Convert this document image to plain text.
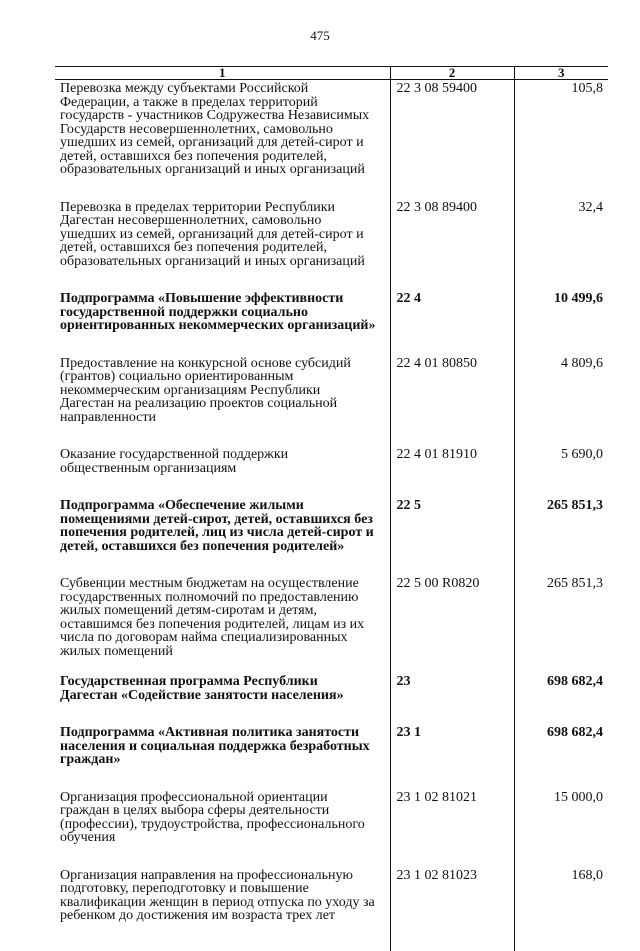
475
1	2	3
Перевозка между субъектами Российской Федерации, а также в пределах территорий государств - участников Содружества Независимых Государств несовершеннолетних, самовольно ушедших из семей, организаций для детей-сирот и детей, оставшихся без попечения родителей, образовательных организаций и иных организаций	22 3 08 59400	105,8
Перевозка в пределах территории Республики Дагестан несовершеннолетних, самовольно ушедших из семей, организаций для детей-сирот и детей, оставшихся без попечения родителей, образовательных организаций и иных организаций	22 3 08 89400	32,4
Подпрограмма «Повышение эффективности государственной поддержки социально ориентированных некоммерческих организаций»	22 4	10 499,6
Предоставление на конкурсной основе субсидий (грантов) социально ориентированным некоммерческим организациям Республики Дагестан на реализацию проектов социальной направленности	22 4 01 80850	4 809,6
Оказание государственной поддержки общественным организациям	22 4 01 81910	5 690,0
Подпрограмма «Обеспечение жилыми помещениями детей-сирот, детей, оставшихся без попечения родителей, лиц из числа детей-сирот и детей, оставшихся без попечения родителей»	22 5	265 851,3
Субвенции местным бюджетам на осуществление государственных полномочий по предоставлению жилых помещений детям-сиротам и детям, оставшимся без попечения родителей, лицам из их числа по договорам найма специализированных жилых помещений	22 5 00 R0820	265 851,3
Государственная программа Республики Дагестан «Содействие занятости населения»	23	698 682,4
Подпрограмма «Активная политика занятости населения и социальная поддержка безработных граждан»	23 1	698 682,4
Организация профессиональной ориентации граждан в целях выбора сферы деятельности (профессии), трудоустройства, профессионального обучения	23 1 02 81021	15 000,0
Организация направления на профессиональную подготовку, переподготовку и повышение квалификации женщин в период отпуска по уходу за ребенком до достижения им возраста трех лет	23 1 02 81023	168,0
